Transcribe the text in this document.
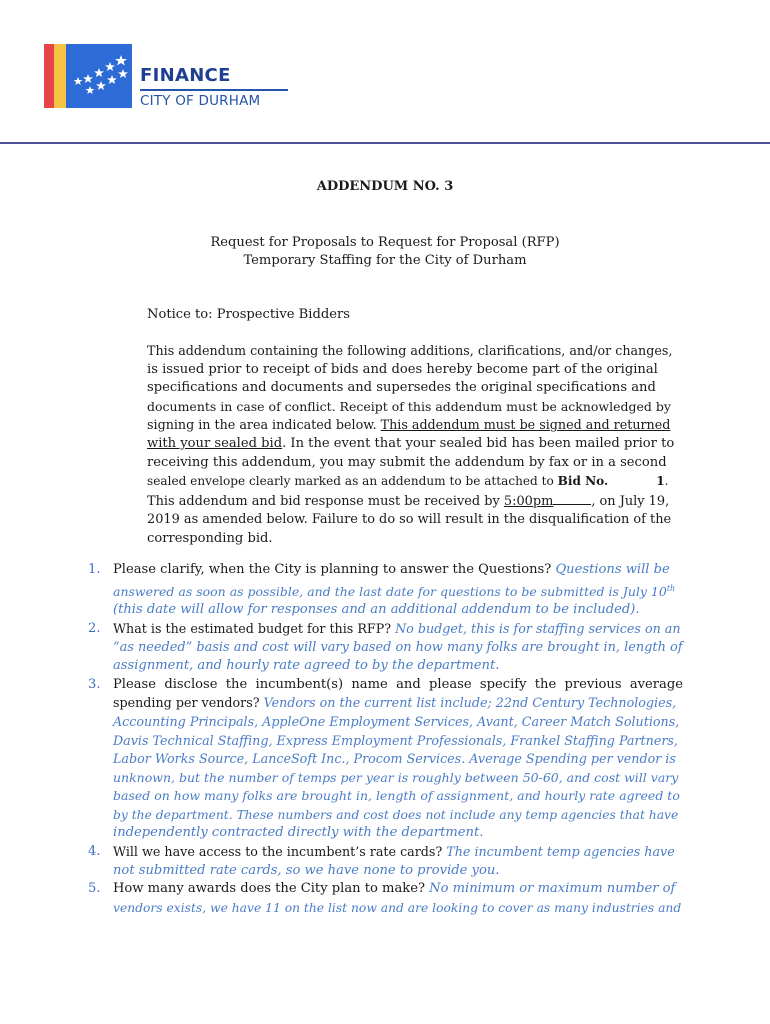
FINANCE
CITY OF DURHAM
ADDENDUM NO. 3
Request for Proposals to Request for Proposal (RFP)
Temporary Staffing for the City of Durham
Notice to: Prospective Bidders
This addendum containing the following additions, clarifications, and/or changes,
is issued prior to receipt of bids and does hereby become part of the original
specifications and documents and supersedes the original specifications and
documents in case of conflict. Receipt of this addendum must be acknowledged by
signing in the area indicated below. This addendum must be signed and returned
with your sealed bid. In the event that your sealed bid has been mailed prior to
receiving this addendum, you may submit the addendum by fax or in a second
sealed envelope clearly marked as an addendum to be attached to Bid No.	1.
This addendum and bid response must be received by 5:00pm	, on July 19,
2019 as amended below. Failure to do so will result in the disqualification of the
corresponding bid.
1. Please clarify, when the City is planning to answer the Questions? Questions will be
answered as soon as possible, and the last date for questions to be submitted is July 10th
(this date will allow for responses and an additional addendum to be included).
2. What is the estimated budget for this RFP? No budget, this is for staffing services on an
“as needed” basis and cost will vary based on how many folks are brought in, length of
assignment, and hourly rate agreed to by the department.
3. Please disclose the incumbent(s) name and please specify the previous average
spending per vendors? Vendors on the current list include; 22nd Century Technologies,
Accounting Principals, AppleOne Employment Services, Avant, Career Match Solutions,
Davis Technical Staffing, Express Employment Professionals, Frankel Staffing Partners,
Labor Works Source, LanceSoft Inc., Procom Services. Average Spending per vendor is
unknown, but the number of temps per year is roughly between 50-60, and cost will vary
based on how many folks are brought in, length of assignment, and hourly rate agreed to
by the department. These numbers and cost does not include any temp agencies that have
independently contracted directly with the department.
4. Will we have access to the incumbent’s rate cards? The incumbent temp agencies have
not submitted rate cards, so we have none to provide you.
5. How many awards does the City plan to make? No minimum or maximum number of
vendors exists, we have 11 on the list now and are looking to cover as many industries and
